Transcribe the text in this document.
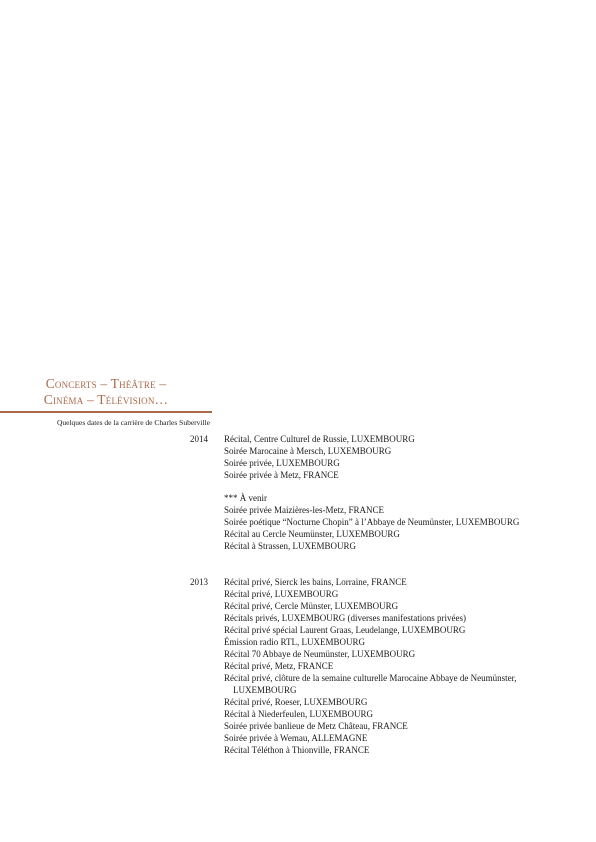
Concerts – Théâtre –
Cinéma – Télévision…
Quelques dates de la carrière de Charles Suberville
2014 Récital, Centre Culturel de Russie, LUXEMBOURG
Soirée Marocaine à Mersch, LUXEMBOURG
Soirée privée, LUXEMBOURG
Soirée privée à Metz, FRANCE
*** À venir
Soirée privée Maizières-les-Metz, FRANCE
Soirée poétique “Nocturne Chopin” à l’Abbaye de Neumünster, LUXEMBOURG
Récital au Cercle Neumünster, LUXEMBOURG
Récital à Strassen, LUXEMBOURG
2013 Récital privé, Sierck les bains, Lorraine, FRANCE
Récital privé, LUXEMBOURG
Récital privé, Cercle Münster, LUXEMBOURG
Récitals privés, LUXEMBOURG (diverses manifestations privées)
Récital privé spécial Laurent Graas, Leudelange, LUXEMBOURG
Émission radio RTL, LUXEMBOURG
Récital 70 Abbaye de Neumünster, LUXEMBOURG
Récital privé, Metz, FRANCE
Récital privé, clôture de la semaine culturelle Marocaine Abbaye de Neumünster,
LUXEMBOURG
Récital privé, Roeser, LUXEMBOURG
Récital à Niederfeulen, LUXEMBOURG
Soirée privée banlieue de Metz Château, FRANCE
Soirée privée à Wemau, ALLEMAGNE
Récital Téléthon à Thionville, FRANCE
